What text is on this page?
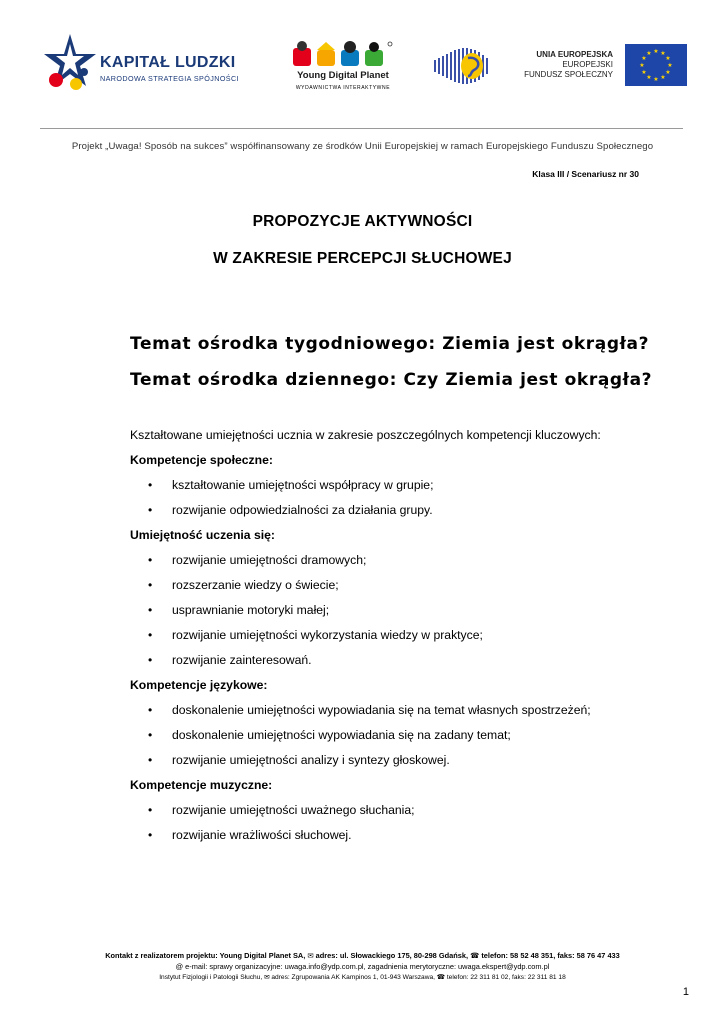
KAPITAŁ LUDZKI
NARODOWA STRATEGIA SPÓJNOŚCI	Young Digital Planet
WYDAWNICTWA INTERAKTYWNE
UNIA EUROPEJSKA
EUROPEJSKI
FUNDUSZ SPOŁECZNY
★ ★
★
★
★
★
★
★
★
★
★
★
Projekt „Uwaga! Sposób na sukces” współfinansowany ze środków Unii Europejskiej w ramach Europejskiego Funduszu Społecznego
Klasa III / Scenariusz nr 30
PROPOZYCJE AKTYWNOŚCI
W ZAKRESIE PERCEPCJI SŁUCHOWEJ
Temat ośrodka tygodniowego: Ziemia jest okrągła?
Temat ośrodka dziennego: Czy Ziemia jest okrągła?
Kształtowane umiejętności ucznia w zakresie poszczególnych kompetencji kluczowych:
Kompetencje społeczne:
• kształtowanie umiejętności współpracy w grupie;
• rozwijanie odpowiedzialności za działania grupy.
Umiejętność uczenia się:
• rozwijanie umiejętności dramowych;
• rozszerzanie wiedzy o świecie;
• usprawnianie motoryki małej;
• rozwijanie umiejętności wykorzystania wiedzy w praktyce;
• rozwijanie zainteresowań.
Kompetencje językowe:
• doskonalenie umiejętności wypowiadania się na temat własnych spostrzeżeń;
• doskonalenie umiejętności wypowiadania się na zadany temat;
• rozwijanie umiejętności analizy i syntezy głoskowej.
Kompetencje muzyczne:
• rozwijanie umiejętności uważnego słuchania;
• rozwijanie wrażliwości słuchowej.
Kontakt z realizatorem projektu: Young Digital Planet SA, ✉ adres: ul. Słowackiego 175, 80-298 Gdańsk, ☎ telefon: 58 52 48 351, faks: 58 76 47 433
@ e-mail: sprawy organizacyjne: uwaga.info@ydp.com.pl, zagadnienia merytoryczne: uwaga.ekspert@ydp.com.pl
Instytut Fizjologii i Patologii Słuchu, ✉ adres: Zgrupowania AK Kampinos 1, 01-943 Warszawa, ☎ telefon: 22 311 81 02, faks: 22 311 81 18
1
